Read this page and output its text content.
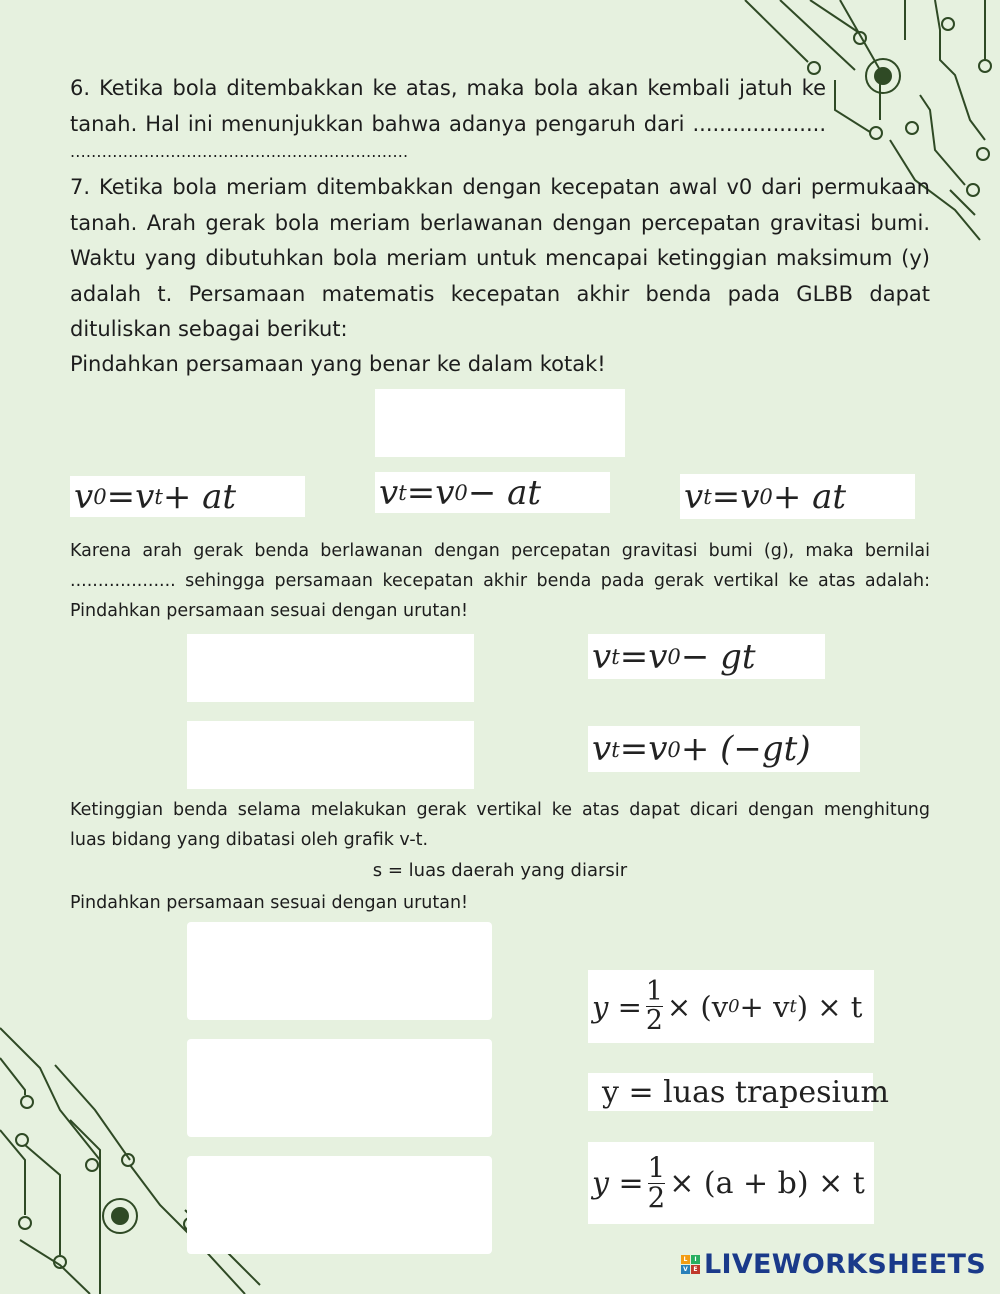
6. Ketika bola ditembakkan ke atas, maka bola akan kembali jatuh ke
tanah. Hal ini menunjukkan bahwa adanya pengaruh dari ....................
................................................................
7. Ketika bola meriam ditembakkan dengan kecepatan awal v0 dari permukaan
tanah. Arah gerak bola meriam berlawanan dengan percepatan gravitasi bumi.
Waktu yang dibutuhkan bola meriam untuk mencapai ketinggian maksimum (y)
adalah t. Persamaan matematis kecepatan akhir benda pada GLBB dapat
dituliskan sebagai berikut:
Pindahkan persamaan yang benar ke dalam kotak!
v 0 = v t + at	v t = v 0 − at	v t = v 0 + at
Karena arah gerak benda berlawanan dengan percepatan gravitasi bumi (g), maka bernilai
................... sehingga persamaan kecepatan akhir benda pada gerak vertikal ke atas adalah:
Pindahkan persamaan sesuai dengan urutan!
v t = v 0 − gt
v t = v 0 + (−gt)
Ketinggian benda selama melakukan gerak vertikal ke atas dapat dicari dengan menghitung
luas bidang yang dibatasi oleh grafik v-t.
s = luas daerah yang diarsir
Pindahkan persamaan sesuai dengan urutan!
$y = \frac{1}{2} \times (v$ 0 + v t ) × t
y = luas trapesium
$y = \frac{1}{2} \times (a + b) \times t$
L	I
V E LIVEWORKSHEETS
